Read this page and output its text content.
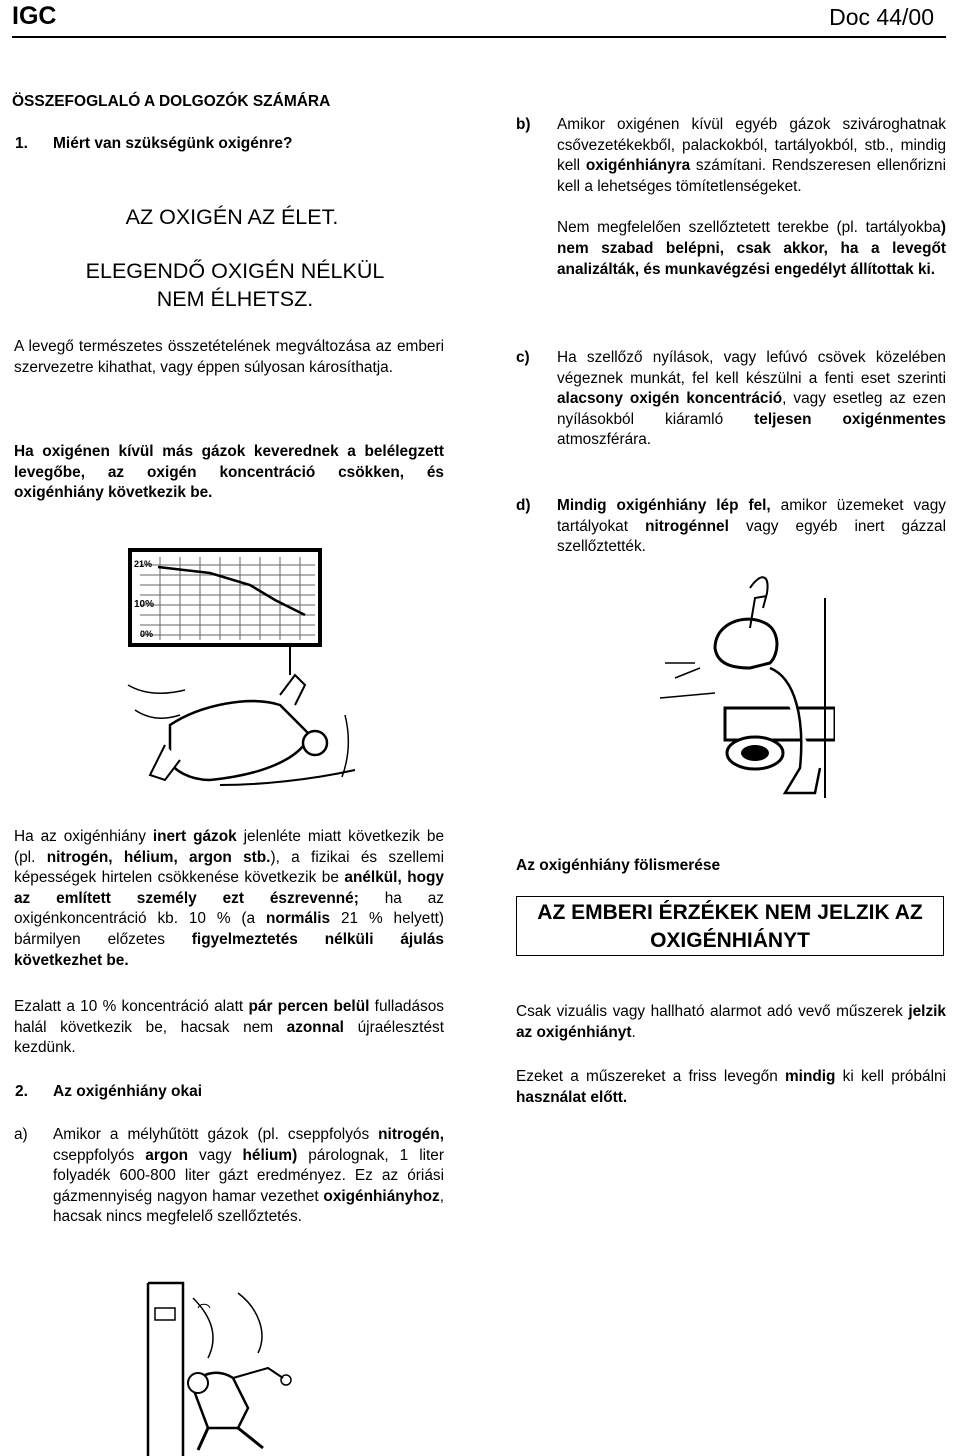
IGC	Doc 44/00
ÖSSZEFOGLALÓ A DOLGOZÓK SZÁMÁRA
1. Miért van szükségünk oxigénre?
AZ OXIGÉN AZ ÉLET.
ELEGENDŐ OXIGÉN NÉLKÜL NEM ÉLHETSZ.

A levegő természetes összetételének megváltozása az emberi szervezetre kihathat, vagy éppen súlyosan károsíthatja.

Ha oxigénen kívül más gázok keverednek a belélegzett levegőbe, az oxigén koncentráció csökken, és oxigénhiány következik be.

21%
10%
0%
b) Amikor oxigénen kívül egyéb gázok szivároghatnak csővezetékekből, palackokból, tartályokból, stb., mindig kell oxigénhiányra számítani. Rendszeresen ellenőrizni kell a lehetséges tömítetlenségeket.

Nem megfelelően szellőztetett terekbe (pl. tartályokba) nem szabad belépni, csak akkor, ha a levegőt analizálták, és munkavégzési engedélyt állítottak ki.

c) Ha szellőző nyílások, vagy lefúvó csövek közelében végeznek munkát, fel kell készülni a fenti eset szerinti alacsony oxigén koncentráció, vagy esetleg az ezen nyílásokból kiáramló teljesen oxigénmentes atmoszférára.

d) Mindig oxigénhiány lép fel, amikor üzemeket vagy tartályokat nitrogénnel vagy egyéb inert gázzal szellőztették.

Ha az oxigénhiány inert gázok jelenléte miatt következik be (pl. nitrogén, hélium, argon stb.), a fizikai és szellemi képességek hirtelen csökkenése következik be anélkül, hogy az említett személy ezt észrevenné; ha az oxigénkoncentráció kb. 10 % (a normális 21 % helyett) bármilyen előzetes figyelmeztetés nélküli ájulás következhet be.

Ezalatt a 10 % koncentráció alatt pár percen belül fulladásos halál következik be, hacsak nem azonnal újraélesztést kezdünk.

2. Az oxigénhiány okai
a) Amikor a mélyhűtött gázok (pl. cseppfolyós nitrogén, cseppfolyós argon vagy hélium) párolognak, 1 liter folyadék 600-800 liter gázt eredményez. Ez az óriási gázmennyiség nagyon hamar vezethet oxigénhiányhoz, hacsak nincs megfelelő szellőztetés.

Az oxigénhiány fölismerése
AZ EMBERI ÉRZÉKEK NEM JELZIK AZ OXIGÉNHIÁNYT

Csak vizuális vagy hallható alarmot adó vevő műszerek jelzik az oxigénhiányt.

Ezeket a műszereket a friss levegőn mindig ki kell próbálni használat előtt.
